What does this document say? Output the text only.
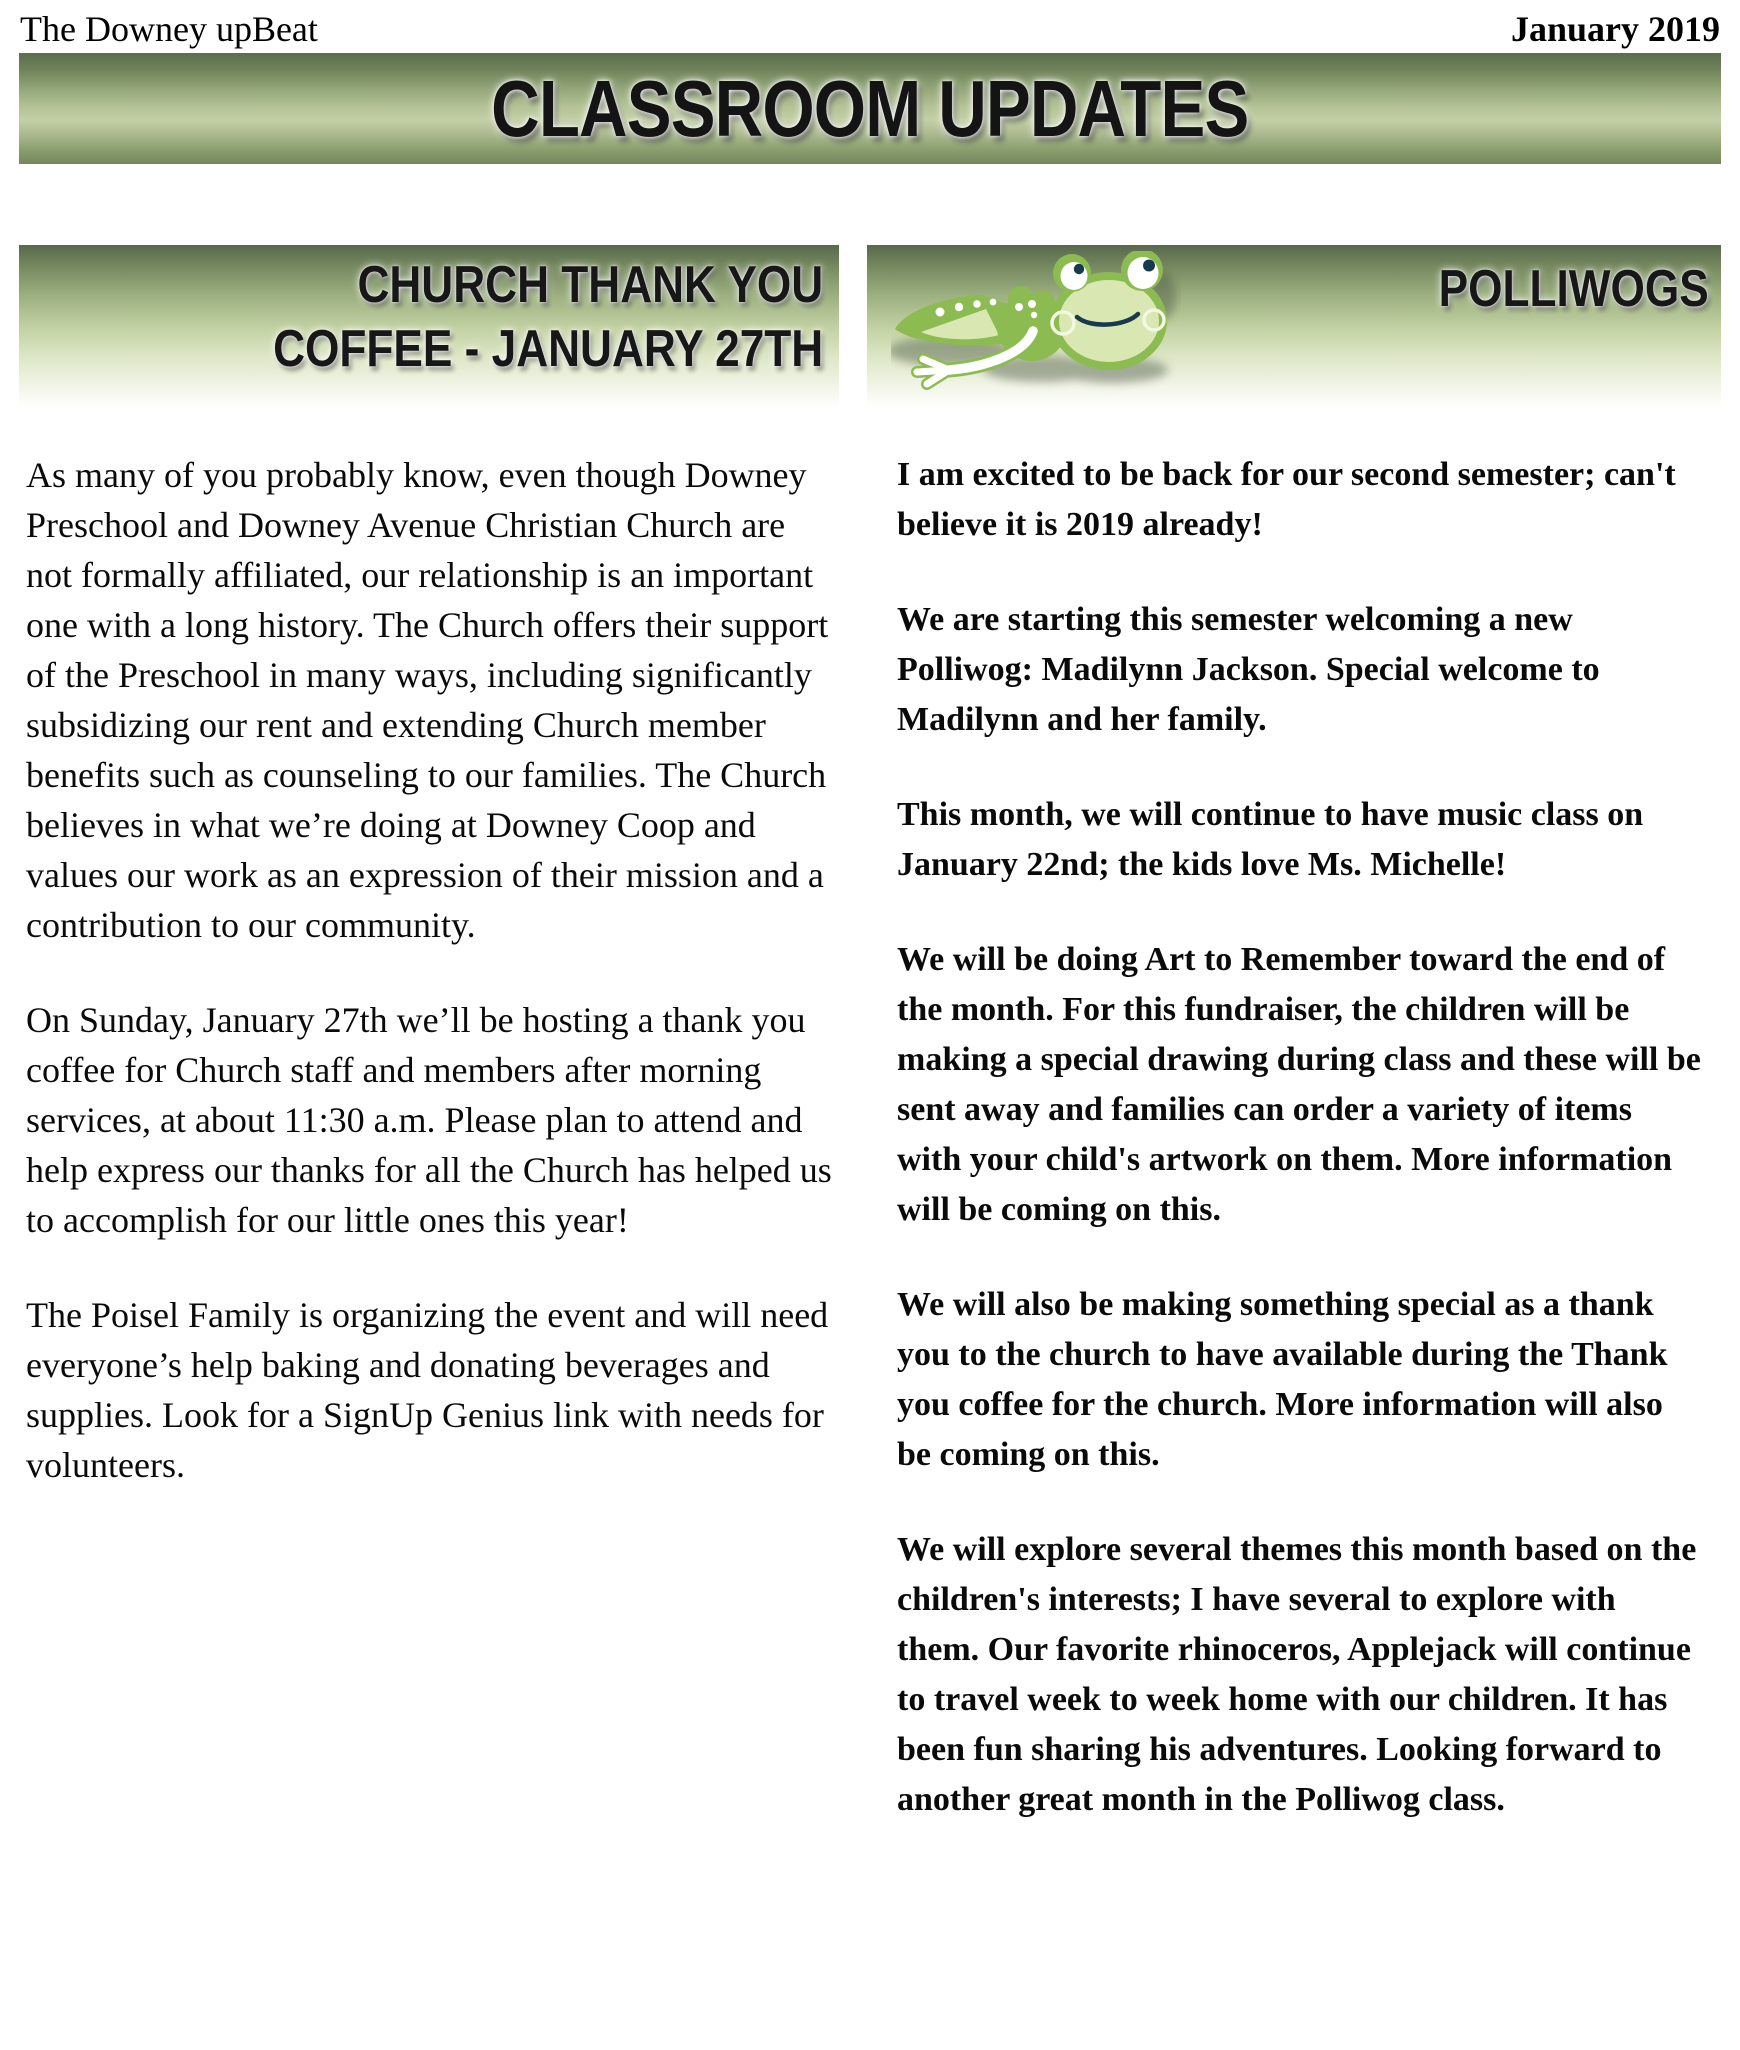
The Downey upBeat	January 2019
CLASSROOM UPDATES
CHURCH THANK YOU
COFFEE - JANUARY 27TH

As many of you probably know, even though Downey Preschool and Downey Avenue Christian Church are not formally affiliated, our relationship is an important one with a long history. The Church offers their support of the Preschool in many ways, including significantly subsidizing our rent and extending Church member benefits such as counseling to our families. The Church believes in what we’re doing at Downey Coop and values our work as an expression of their mission and a contribution to our community.

On Sunday, January 27th we’ll be hosting a thank you coffee for Church staff and members after morning services, at about 11:30 a.m. Please plan to attend and help express our thanks for all the Church has helped us to accomplish for our little ones this year!

The Poisel Family is organizing the event and will need everyone’s help baking and donating beverages and supplies. Look for a SignUp Genius link with needs for volunteers.

POLLIWOGS

I am excited to be back for our second semester; can't believe it is 2019 already!

We are starting this semester welcoming a new Polliwog: Madilynn Jackson. Special welcome to Madilynn and her family.

This month, we will continue to have music class on January 22nd; the kids love Ms. Michelle!

We will be doing Art to Remember toward the end of the month. For this fundraiser, the children will be making a special drawing during class and these will be sent away and families can order a variety of items with your child's artwork on them. More information will be coming on this.

We will also be making something special as a thank you to the church to have available during the Thank you coffee for the church. More information will also be coming on this.

We will explore several themes this month based on the children's interests; I have several to explore with them. Our favorite rhinoceros, Applejack will continue to travel week to week home with our children. It has been fun sharing his adventures. Looking forward to another great month in the Polliwog class.
